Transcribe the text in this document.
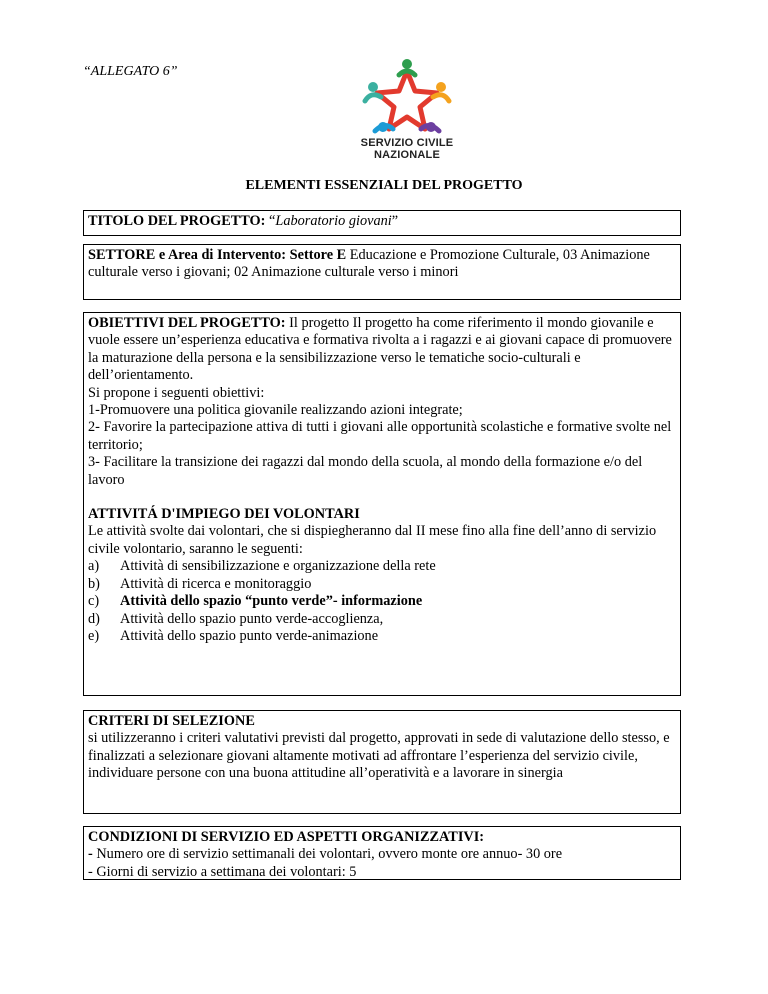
“ALLEGATO 6”
SERVIZIO CIVILE
NAZIONALE
ELEMENTI ESSENZIALI DEL PROGETTO

TITOLO DEL PROGETTO: “Laboratorio giovani”

SETTORE e Area di Intervento: Settore E Educazione e Promozione Culturale, 03 Animazione culturale verso i giovani; 02 Animazione culturale verso i minori

OBIETTIVI DEL PROGETTO: Il progetto Il progetto ha come riferimento il mondo giovanile e vuole essere un’esperienza educativa e formativa rivolta a i ragazzi e ai giovani capace di promuovere la maturazione della persona e la sensibilizzazione verso le tematiche socio-culturali e dell’orientamento.

Si propone i seguenti obiettivi:

1-Promuovere una politica giovanile realizzando azioni integrate;

2- Favorire la partecipazione attiva di tutti i giovani alle opportunità scolastiche e formative svolte nel territorio;

3- Facilitare la transizione dei ragazzi dal mondo della scuola, al mondo della formazione e/o del lavoro

ATTIVITÁ D'IMPIEGO DEI VOLONTARI

Le attività svolte dai volontari, che si dispiegheranno dal II mese fino alla fine dell’anno di servizio civile volontario, saranno le seguenti:

a)	Attività di sensibilizzazione e organizzazione della rete
b)	Attività di ricerca e monitoraggio
c)	Attività dello spazio “punto verde”- informazione
d)	Attività dello spazio punto verde-accoglienza,
e)	Attività dello spazio punto verde-animazione

CRITERI DI SELEZIONE

si utilizzeranno i criteri valutativi previsti dal progetto, approvati in sede di valutazione dello stesso, e finalizzati a selezionare giovani altamente motivati ad affrontare l’esperienza del servizio civile, individuare persone con una buona attitudine all’operatività e a lavorare in sinergia

CONDIZIONI DI SERVIZIO ED ASPETTI ORGANIZZATIVI:

- Numero ore di servizio settimanali dei volontari, ovvero monte ore annuo- 30 ore

- Giorni di servizio a settimana dei volontari: 5
